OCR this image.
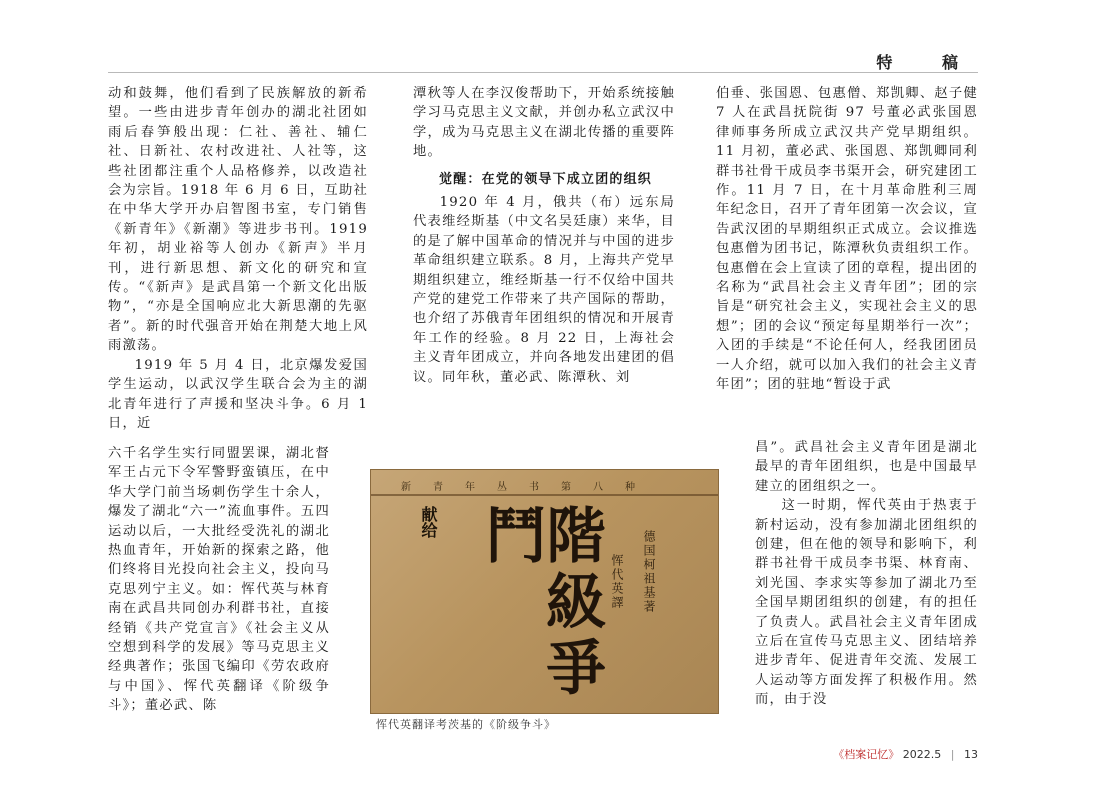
特 稿

动和鼓舞，他们看到了民族解放的新希望。一些由进步青年创办的湖北社团如雨后春笋般出现：仁社、善社、辅仁社、日新社、农村改进社、人社等，这些社团都注重个人品格修养，以改造社会为宗旨。1918 年 6 月 6 日，互助社在中华大学开办启智图书室，专门销售《新青年》《新潮》等进步书刊。1919 年初，胡业裕等人创办《新声》半月刊，进行新思想、新文化的研究和宣传。“《新声》是武昌第一个新文化出版物”，“亦是全国响应北大新思潮的先驱者”。新的时代强音开始在荆楚大地上风雨激荡。

1919 年 5 月 4 日，北京爆发爱国学生运动，以武汉学生联合会为主的湖北青年进行了声援和坚决斗争。6 月 1 日，近

六千名学生实行同盟罢课，湖北督军王占元下令军警野蛮镇压，在中华大学门前当场刺伤学生十余人，爆发了湖北“六一”流血事件。五四运动以后，一大批经受洗礼的湖北热血青年，开始新的探索之路，他们终将目光投向社会主义，投向马克思列宁主义。如：恽代英与林育南在武昌共同创办利群书社，直接经销《共产党宣言》《社会主义从空想到科学的发展》等马克思主义经典著作；张国飞编印《劳农政府与中国》、恽代英翻译《阶级争斗》；董必武、陈

潭秋等人在李汉俊帮助下，开始系统接触学习马克思主义文献，并创办私立武汉中学，成为马克思主义在湖北传播的重要阵地。

觉醒：在党的领导下成立团的组织

1920 年 4 月，俄共（布）远东局代表维经斯基（中文名吴廷康）来华，目的是了解中国革命的情况并与中国的进步革命组织建立联系。8 月，上海共产党早期组织建立，维经斯基一行不仅给中国共产党的建党工作带来了共产国际的帮助，也介绍了苏俄青年团组织的情况和开展青年工作的经验。8 月 22 日，上海社会主义青年团成立，并向各地发出建团的倡议。同年秋，董必武、陈潭秋、刘

伯垂、张国恩、包惠僧、郑凯卿、赵子健 7 人在武昌抚院街 97 号董必武张国恩律师事务所成立武汉共产党早期组织。11 月初，董必武、张国恩、郑凯卿同利群书社骨干成员李书渠开会，研究建团工作。11 月 7 日，在十月革命胜利三周年纪念日，召开了青年团第一次会议，宣告武汉团的早期组织正式成立。会议推选包惠僧为团书记，陈潭秋负责组织工作。包惠僧在会上宣读了团的章程，提出团的名称为“武昌社会主义青年团”；团的宗旨是“研究社会主义，实现社会主义的思想”；团的会议“预定每星期举行一次”；入团的手续是“不论任何人，经我团团员一人介绍，就可以加入我们的社会主义青年团”；团的驻地“暂设于武

昌”。武昌社会主义青年团是湖北最早的青年团组织，也是中国最早建立的团组织之一。

这一时期，恽代英由于热衷于新村运动，没有参加湖北团组织的创建，但在他的领导和影响下，利群书社骨干成员李书渠、林育南、刘光国、李求实等参加了湖北乃至全国早期团组织的创建，有的担任了负责人。武昌社会主义青年团成立后在宣传马克思主义、团结培养进步青年、促进青年交流、发展工人运动等方面发挥了积极作用。然而，由于没

新青年丛书第八种
献给	階級爭鬥	德国柯祖基著
恽代英譯
恽代英翻译考茨基的《阶级争斗》
《档案记忆》 2022.5 | 13
